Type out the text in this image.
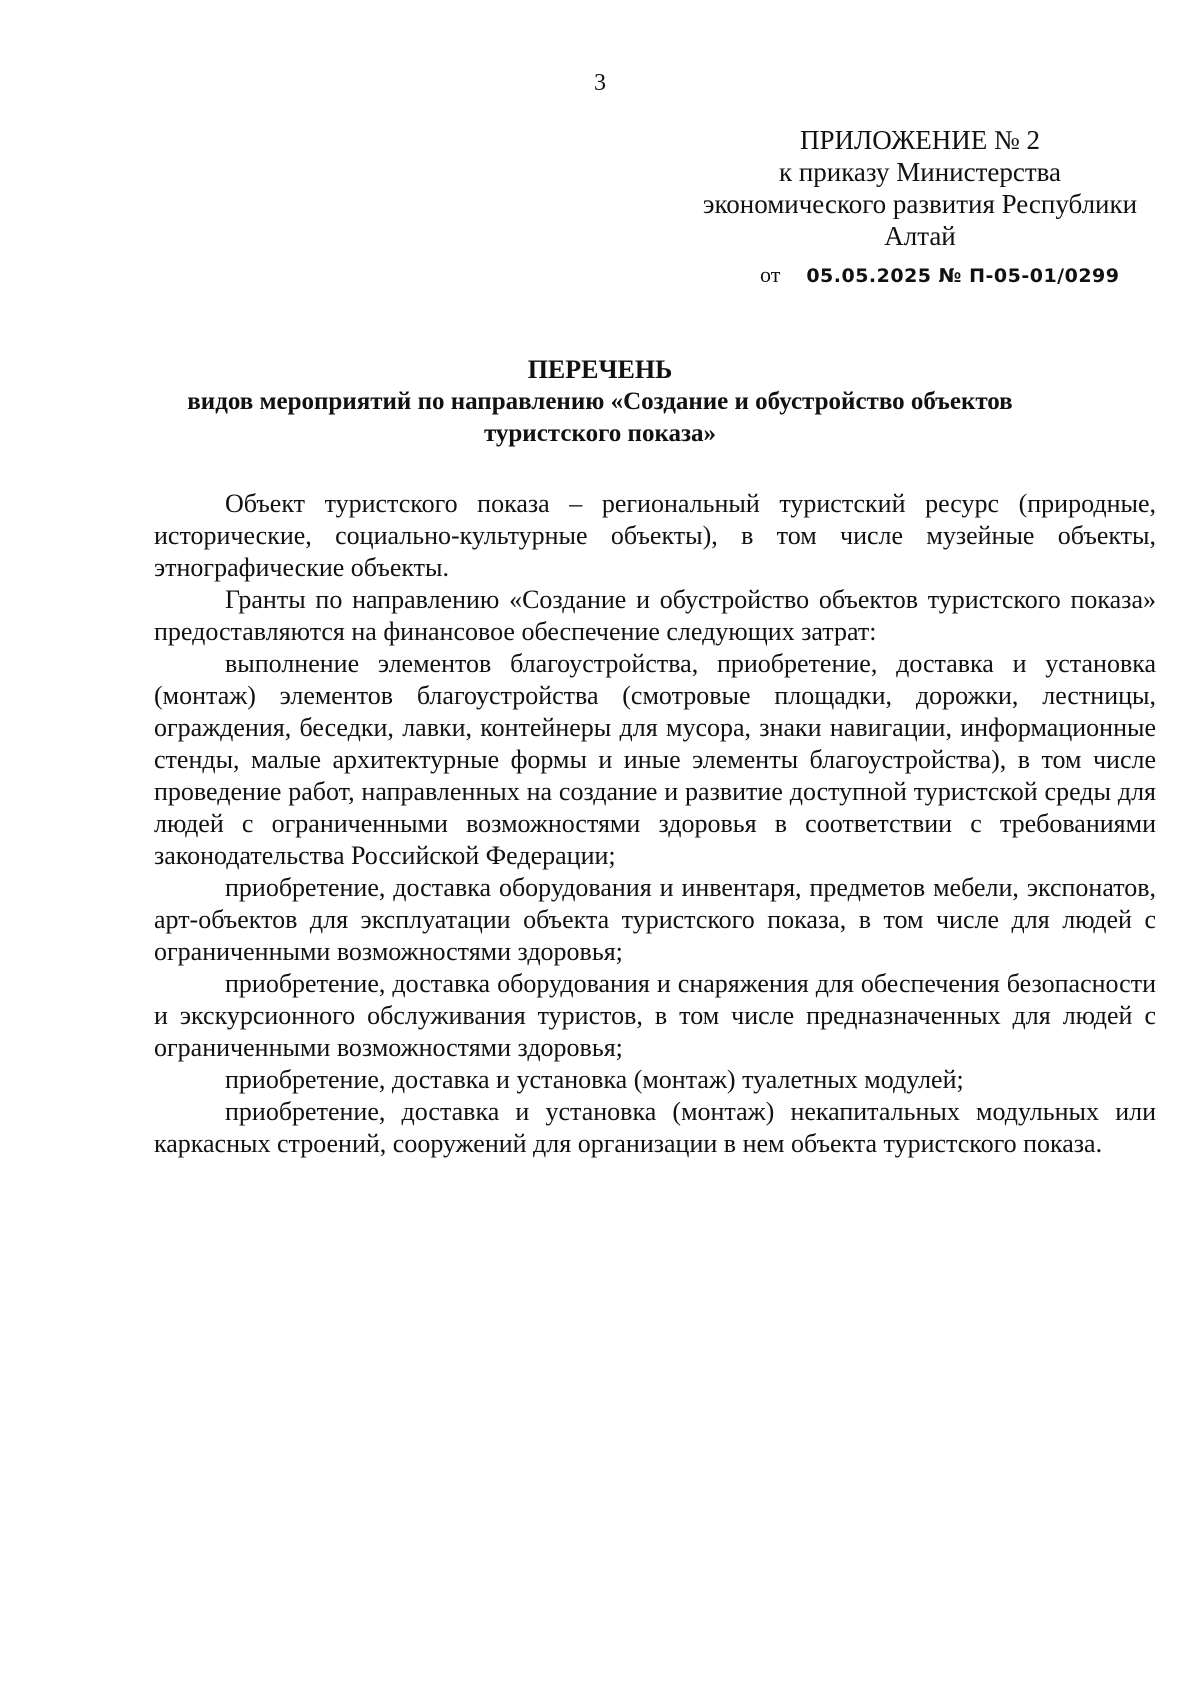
3
ПРИЛОЖЕНИЕ № 2
к приказу Министерства
экономического развития Республики
Алтай
от 05.05.2025 № П-05-01/0299
ПЕРЕЧЕНЬ
видов мероприятий по направлению «Создание и обустройство объектов туристского показа»

Объект туристского показа – региональный туристский ресурс (природные, исторические, социально-культурные объекты), в том числе музейные объекты, этнографические объекты.

Гранты по направлению «Создание и обустройство объектов туристского показа» предоставляются на финансовое обеспечение следующих затрат:

выполнение элементов благоустройства, приобретение, доставка и установка (монтаж) элементов благоустройства (смотровые площадки, дорожки, лестницы, ограждения, беседки, лавки, контейнеры для мусора, знаки навигации, информационные стенды, малые архитектурные формы и иные элементы благоустройства), в том числе проведение работ, направленных на создание и развитие доступной туристской среды для людей с ограниченными возможностями здоровья в соответствии с требованиями законодательства Российской Федерации;

приобретение, доставка оборудования и инвентаря, предметов мебели, экспонатов, арт-объектов для эксплуатации объекта туристского показа, в том числе для людей с ограниченными возможностями здоровья;

приобретение, доставка оборудования и снаряжения для обеспечения безопасности и экскурсионного обслуживания туристов, в том числе предназначенных для людей с ограниченными возможностями здоровья;

приобретение, доставка и установка (монтаж) туалетных модулей;

приобретение, доставка и установка (монтаж) некапитальных модульных или каркасных строений, сооружений для организации в нем объекта туристского показа.
